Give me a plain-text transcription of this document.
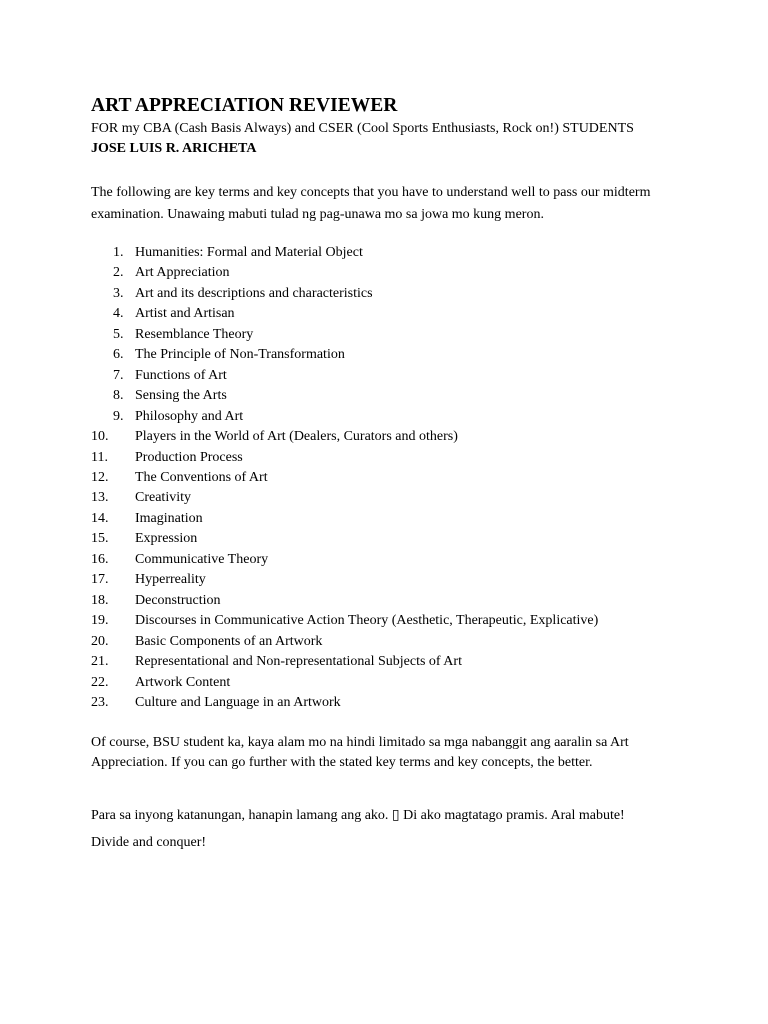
ART APPRECIATION REVIEWER

FOR my CBA (Cash Basis Always) and CSER (Cool Sports Enthusiasts, Rock on!) STUDENTS

JOSE LUIS R. ARICHETA

The following are key terms and key concepts that you have to understand well to pass our midterm examination. Unawaing mabuti tulad ng pag-unawa mo sa jowa mo kung meron.

1. Humanities: Formal and Material Object
2. Art Appreciation
3. Art and its descriptions and characteristics
4. Artist and Artisan
5. Resemblance Theory
6. The Principle of Non-Transformation
7. Functions of Art
8. Sensing the Arts
9. Philosophy and Art
10.	Players in the World of Art (Dealers, Curators and others)
11.	Production Process
12.	The Conventions of Art
13.	Creativity
14.	Imagination
15.	Expression
16.	Communicative Theory
17.	Hyperreality
18.	Deconstruction
19.	Discourses in Communicative Action Theory (Aesthetic, Therapeutic, Explicative)
20.	Basic Components of an Artwork
21.	Representational and Non-representational Subjects of Art
22.	Artwork Content
23.	Culture and Language in an Artwork

Of course, BSU student ka, kaya alam mo na hindi limitado sa mga nabanggit ang aaralin sa Art Appreciation. If you can go further with the stated key terms and key concepts, the better.

Para sa inyong katanungan, hanapin lamang ang ako. ▯ Di ako magtatago pramis. Aral mabute!

Divide and conquer!
